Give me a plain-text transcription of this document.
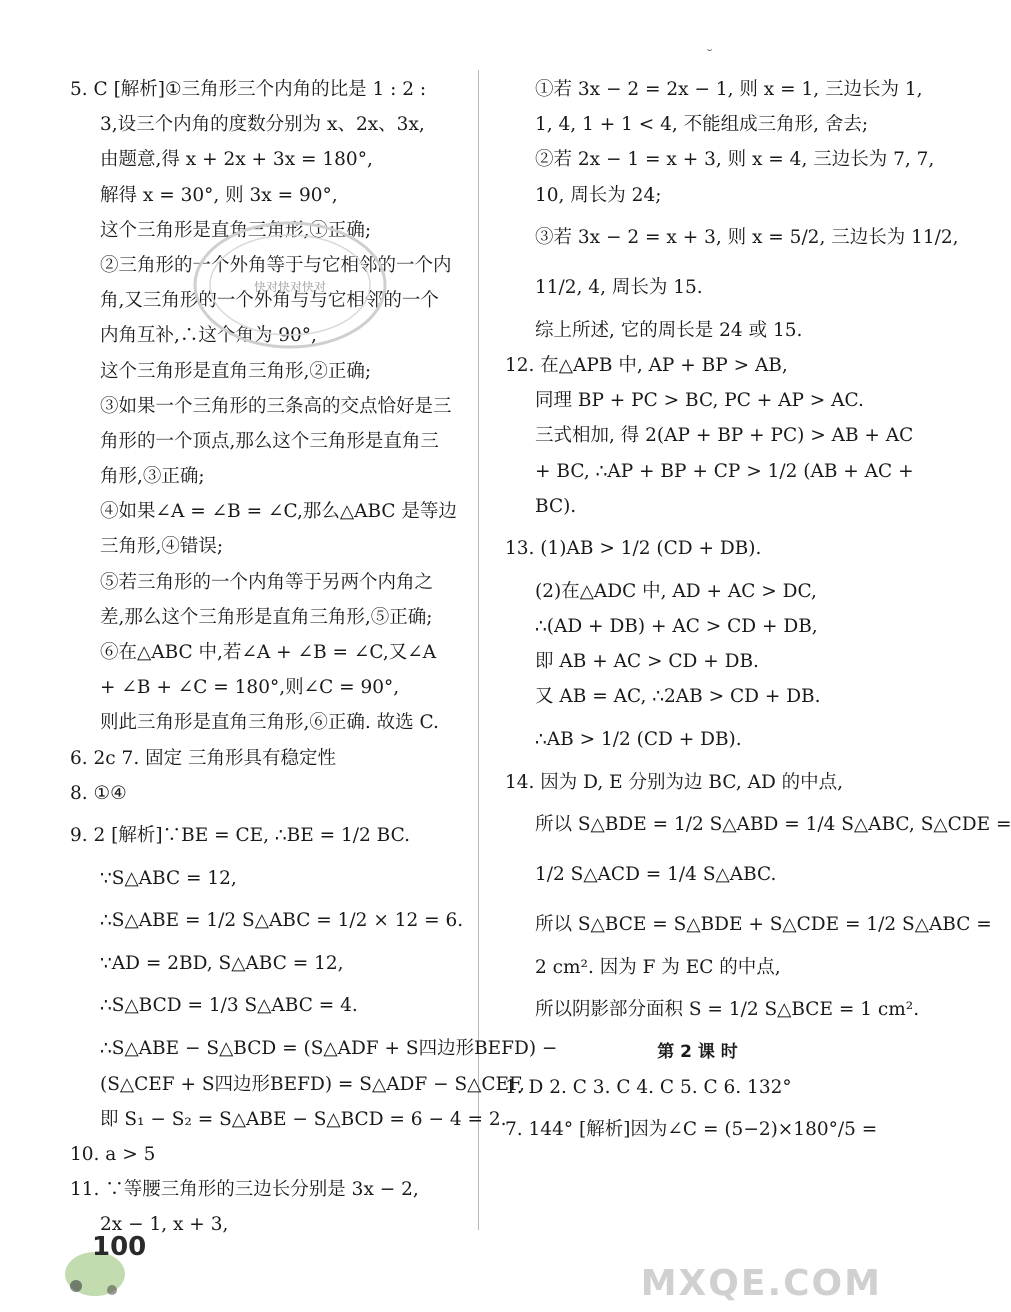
˘
5. C [解析]①三角形三个内角的比是 1 : 2 :
3,设三个内角的度数分别为 x、2x、3x,
由题意,得 x + 2x + 3x = 180°,
解得 x = 30°, 则 3x = 90°,
这个三角形是直角三角形,①正确;
②三角形的一个外角等于与它相邻的一个内
角,又三角形的一个外角与与它相邻的一个
内角互补,∴这个角为 90°,
这个三角形是直角三角形,②正确;
③如果一个三角形的三条高的交点恰好是三
角形的一个顶点,那么这个三角形是直角三
角形,③正确;
④如果∠A = ∠B = ∠C,那么△ABC 是等边
三角形,④错误;
⑤若三角形的一个内角等于另两个内角之
差,那么这个三角形是直角三角形,⑤正确;
⑥在△ABC 中,若∠A + ∠B = ∠C,又∠A
+ ∠B + ∠C = 180°,则∠C = 90°,
则此三角形是直角三角形,⑥正确. 故选 C.
6. 2c 7. 固定 三角形具有稳定性
8. ①④
9. 2 [解析]∵BE = CE, ∴BE = 1/2 BC.
∵S△ABC = 12,
∴S△ABE = 1/2 S△ABC = 1/2 × 12 = 6.
∵AD = 2BD, S△ABC = 12,
∴S△BCD = 1/3 S△ABC = 4.
∴S△ABE − S△BCD = (S△ADF + S四边形BEFD) −
(S△CEF + S四边形BEFD) = S△ADF − S△CEF,
即 S₁ − S₂ = S△ABE − S△BCD = 6 − 4 = 2.
10. a > 5
11. ∵等腰三角形的三边长分别是 3x − 2,
2x − 1, x + 3,
①若 3x − 2 = 2x − 1, 则 x = 1, 三边长为 1,
1, 4, 1 + 1 < 4, 不能组成三角形, 舍去;
②若 2x − 1 = x + 3, 则 x = 4, 三边长为 7, 7,
10, 周长为 24;
③若 3x − 2 = x + 3, 则 x = 5/2, 三边长为 11/2,
11/2, 4, 周长为 15.
综上所述, 它的周长是 24 或 15.
12. 在△APB 中, AP + BP > AB,
同理 BP + PC > BC, PC + AP > AC.
三式相加, 得 2(AP + BP + PC) > AB + AC
+ BC, ∴AP + BP + CP > 1/2 (AB + AC +
BC).
13. (1)AB > 1/2 (CD + DB).
(2)在△ADC 中, AD + AC > DC,
∴(AD + DB) + AC > CD + DB,
即 AB + AC > CD + DB.
又 AB = AC, ∴2AB > CD + DB.
∴AB > 1/2 (CD + DB).
14. 因为 D, E 分别为边 BC, AD 的中点,
所以 S△BDE = 1/2 S△ABD = 1/4 S△ABC, S△CDE =
1/2 S△ACD = 1/4 S△ABC.
所以 S△BCE = S△BDE + S△CDE = 1/2 S△ABC =
2 cm². 因为 F 为 EC 的中点,
所以阴影部分面积 S = 1/2 S△BCE = 1 cm².
第 2 课 时
1. D 2. C 3. C 4. C 5. C 6. 132°
7. 144° [解析]因为∠C = (5−2)×180°/5 =
快对快对快对
100
MXQE.COM
